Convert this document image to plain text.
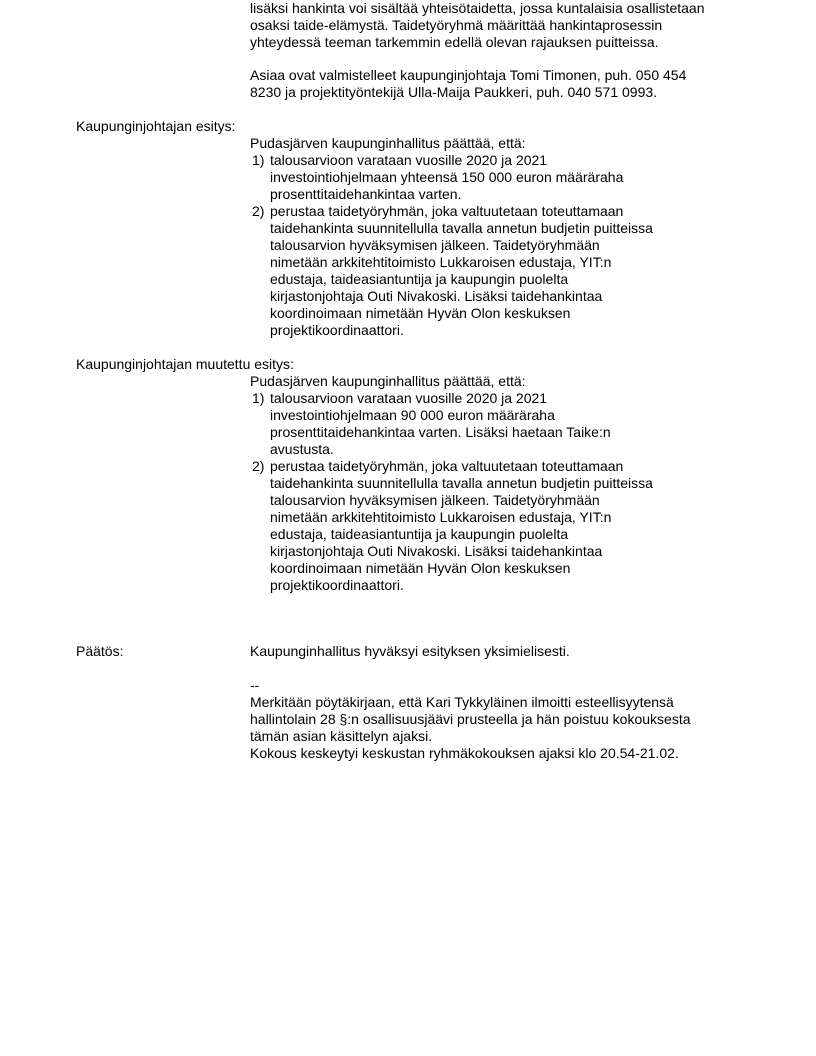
lisäksi hankinta voi sisältää yhteisötaidetta, jossa kuntalaisia osallistetaan
osaksi taide-elämystä. Taidetyöryhmä määrittää hankintaprosessin
yhteydessä teeman tarkemmin edellä olevan rajauksen puitteissa.
Asiaa ovat valmistelleet kaupunginjohtaja Tomi Timonen, puh. 050 454
8230 ja projektityöntekijä Ulla-Maija Paukkeri, puh. 040 571 0993.
Kaupunginjohtajan esitys:
Pudasjärven kaupunginhallitus päättää, että:
1) talousarvioon varataan vuosille 2020 ja 2021
investointiohjelmaan yhteensä 150 000 euron määräraha
prosenttitaidehankintaa varten.
2) perustaa taidetyöryhmän, joka valtuutetaan toteuttamaan
taidehankinta suunnitellulla tavalla annetun budjetin puitteissa
talousarvion hyväksymisen jälkeen. Taidetyöryhmään
nimetään arkkitehtitoimisto Lukkaroisen edustaja, YIT:n
edustaja, taideasiantuntija ja kaupungin puolelta
kirjastonjohtaja Outi Nivakoski. Lisäksi taidehankintaa
koordinoimaan nimetään Hyvän Olon keskuksen
projektikoordinaattori.
Kaupunginjohtajan muutettu esitys:
Pudasjärven kaupunginhallitus päättää, että:
1) talousarvioon varataan vuosille 2020 ja 2021
investointiohjelmaan 90 000 euron määräraha
prosenttitaidehankintaa varten. Lisäksi haetaan Taike:n
avustusta.
2) perustaa taidetyöryhmän, joka valtuutetaan toteuttamaan
taidehankinta suunnitellulla tavalla annetun budjetin puitteissa
talousarvion hyväksymisen jälkeen. Taidetyöryhmään
nimetään arkkitehtitoimisto Lukkaroisen edustaja, YIT:n
edustaja, taideasiantuntija ja kaupungin puolelta
kirjastonjohtaja Outi Nivakoski. Lisäksi taidehankintaa
koordinoimaan nimetään Hyvän Olon keskuksen
projektikoordinaattori.
Päätös:	Kaupunginhallitus hyväksyi esityksen yksimielisesti.
--
Merkitään pöytäkirjaan, että Kari Tykkyläinen ilmoitti esteellisyytensä
hallintolain 28 §:n osallisuusjäävi prusteella ja hän poistuu kokouksesta
tämän asian käsittelyn ajaksi.
Kokous keskeytyi keskustan ryhmäkokouksen ajaksi klo 20.54-21.02.
